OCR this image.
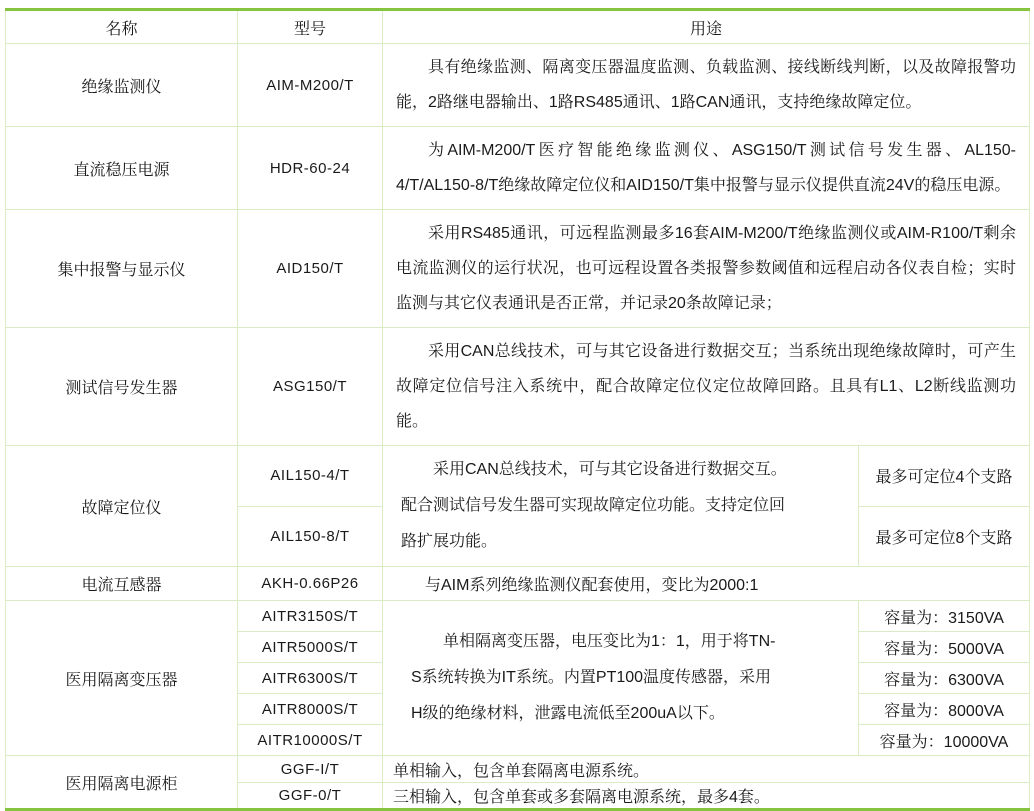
名称	型号	用途	
绝缘监测仪	AIM-M200/T	具有绝缘监测、隔离变压器温度监测、负载监测、接线断线判断，以及故障报警功能，2路继电器输出、1路RS485通讯、1路CAN通讯，支持绝缘故障定位。	
直流稳压电源	HDR-60-24	为AIM-M200/T医疗智能绝缘监测仪、ASG150/T测试信号发生器、AL150-4/T/AL150-8/T绝缘故障定位仪和AID150/T集中报警与显示仪提供直流24V的稳压电源。	
集中报警与显示仪	AID150/T	采用RS485通讯，可远程监测最多16套AIM-M200/T绝缘监测仪或AIM-R100/T剩余电流监测仪的运行状况，也可远程设置各类报警参数阈值和远程启动各仪表自检；实时监测与其它仪表通讯是否正常，并记录20条故障记录；	
测试信号发生器	ASG150/T	采用CAN总线技术，可与其它设备进行数据交互；当系统出现绝缘故障时，可产生故障定位信号注入系统中，配合故障定位仪定位故障回路。且具有L1、L2断线监测功能。	
故障定位仪	AIL150-4/T	采用CAN总线技术，可与其它设备进行数据交互。配合测试信号发生器可实现故障定位功能。支持定位回路扩展功能。	最多可定位4个支路
	AIL150-8/T		最多可定位8个支路
电流互感器	AKH-0.66P26	与AIM系列绝缘监测仪配套使用，变比为2000:1	
医用隔离变压器	AITR3150S/T	单相隔离变压器，电压变比为1：1，用于将TN-S系统转换为IT系统。内置PT100温度传感器，采用H级的绝缘材料，泄露电流低至200uA以下。	容量为：3150VA
	AITR5000S/T		容量为：5000VA
	AITR6300S/T		容量为：6300VA
	AITR8000S/T		容量为：8000VA
	AITR10000S/T		容量为：10000VA
医用隔离电源柜	GGF-I/T	单相输入，包含单套隔离电源系统。	
	GGF-0/T	三相输入，包含单套或多套隔离电源系统，最多4套。	
